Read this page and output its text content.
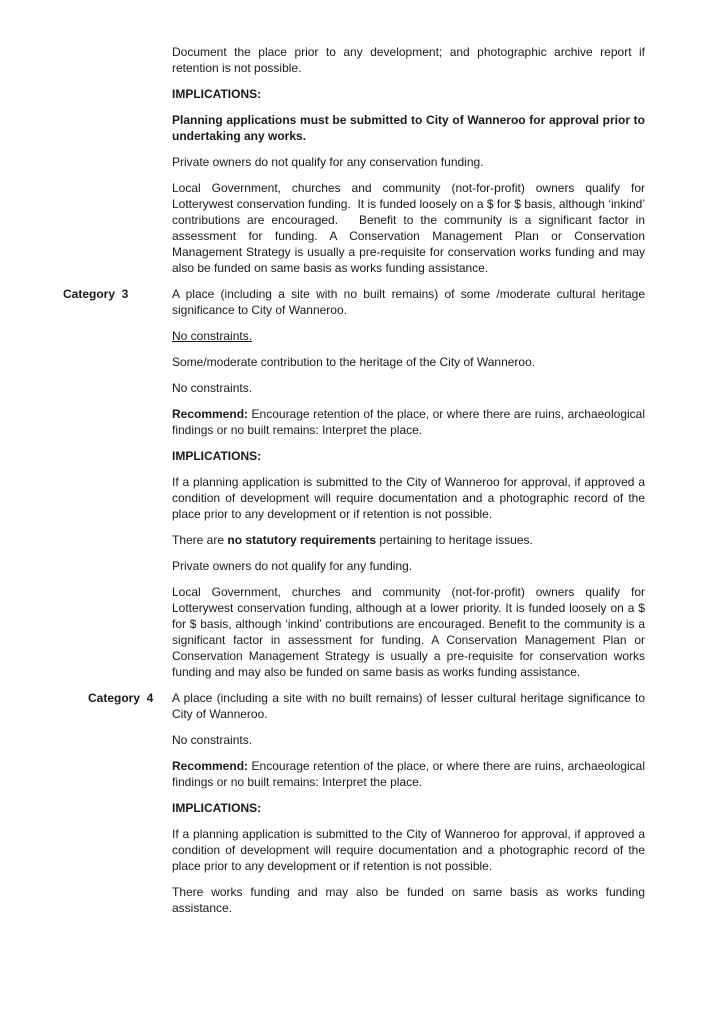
Document the place prior to any development; and photographic archive report if retention is not possible.

IMPLICATIONS:

Planning applications must be submitted to City of Wanneroo for approval prior to undertaking any works.

Private owners do not qualify for any conservation funding.

Local Government, churches and community (not-for-profit) owners qualify for Lotterywest conservation funding.  It is funded loosely on a $ for $ basis, although ‘inkind’ contributions are encouraged.   Benefit to the community is a significant factor in assessment for funding. A Conservation Management Plan or Conservation Management Strategy is usually a pre-requisite for conservation works funding and may also be funded on same basis as works funding assistance.

Category  3	A place (including a site with no built remains) of some /moderate cultural heritage significance to City of Wanneroo.

No constraints.

Some/moderate contribution to the heritage of the City of Wanneroo.

No constraints.

Recommend: Encourage retention of the place, or where there are ruins, archaeological findings or no built remains: Interpret the place.

IMPLICATIONS:

If a planning application is submitted to the City of Wanneroo for approval, if approved a condition of development will require documentation and a photographic record of the place prior to any development or if retention is not possible.

There are no statutory requirements pertaining to heritage issues.

Private owners do not qualify for any funding.

Local Government, churches and community (not-for-profit) owners qualify for Lotterywest conservation funding, although at a lower priority. It is funded loosely on a $ for $ basis, although ‘inkind’ contributions are encouraged. Benefit to the community is a significant factor in assessment for funding. A Conservation Management Plan or Conservation Management Strategy is usually a pre-requisite for conservation works funding and may also be funded on same basis as works funding assistance.

Category  4 A place (including a site with no built remains) of lesser cultural heritage significance to City of Wanneroo.

No constraints.

Recommend: Encourage retention of the place, or where there are ruins, archaeological findings or no built remains: Interpret the place.

IMPLICATIONS:

If a planning application is submitted to the City of Wanneroo for approval, if approved a condition of development will require documentation and a photographic record of the place prior to any development or if retention is not possible.

There works funding and may also be funded on same basis as works funding assistance.
